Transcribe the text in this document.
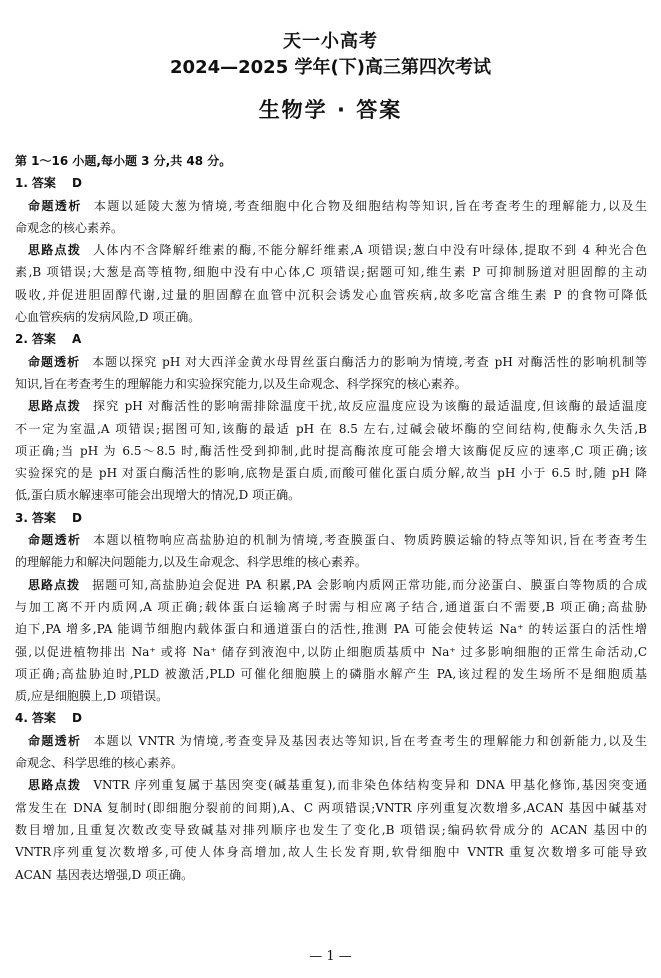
天一小高考
2024—2025 学年(下)高三第四次考试
生物学 · 答案
第 1～16 小题,每小题 3 分,共 48 分。
1. 答案 D
命题透析 本题以延陵大葱为情境,考查细胞中化合物及细胞结构等知识,旨在考查考生的理解能力,以及生
命观念的核心素养。
思路点拨 人体内不含降解纤维素的酶,不能分解纤维素,A 项错误;葱白中没有叶绿体,提取不到 4 种光合色
素,B 项错误;大葱是高等植物,细胞中没有中心体,C 项错误;据题可知,维生素 P 可抑制肠道对胆固醇的主动
吸收,并促进胆固醇代谢,过量的胆固醇在血管中沉积会诱发心血管疾病,故多吃富含维生素 P 的食物可降低
心血管疾病的发病风险,D 项正确。
2. 答案 A
命题透析 本题以探究 pH 对大西洋金黄水母胃丝蛋白酶活力的影响为情境,考查 pH 对酶活性的影响机制等
知识,旨在考查考生的理解能力和实验探究能力,以及生命观念、科学探究的核心素养。
思路点拨 探究 pH 对酶活性的影响需排除温度干扰,故反应温度应设为该酶的最适温度,但该酶的最适温度
不一定为室温,A 项错误;据图可知,该酶的最适 pH 在 8.5 左右,过碱会破坏酶的空间结构,使酶永久失活,B
项正确;当 pH 为 6.5～8.5 时,酶活性受到抑制,此时提高酶浓度可能会增大该酶促反应的速率,C 项正确;该
实验探究的是 pH 对蛋白酶活性的影响,底物是蛋白质,而酸可催化蛋白质分解,故当 pH 小于 6.5 时,随 pH 降
低,蛋白质水解速率可能会出现增大的情况,D 项正确。
3. 答案 D
命题透析 本题以植物响应高盐胁迫的机制为情境,考查膜蛋白、物质跨膜运输的特点等知识,旨在考查考生
的理解能力和解决问题能力,以及生命观念、科学思维的核心素养。
思路点拨 据题可知,高盐胁迫会促进 PA 积累,PA 会影响内质网正常功能,而分泌蛋白、膜蛋白等物质的合成
与加工离不开内质网,A 项正确;载体蛋白运输离子时需与相应离子结合,通道蛋白不需要,B 项正确;高盐胁
迫下,PA 增多,PA 能调节细胞内载体蛋白和通道蛋白的活性,推测 PA 可能会使转运 Na⁺ 的转运蛋白的活性增
强,以促进植物排出 Na⁺ 或将 Na⁺ 储存到液泡中,以防止细胞质基质中 Na⁺ 过多影响细胞的正常生命活动,C
项正确;高盐胁迫时,PLD 被激活,PLD 可催化细胞膜上的磷脂水解产生 PA,该过程的发生场所不是细胞质基
质,应是细胞膜上,D 项错误。
4. 答案 D
命题透析 本题以 VNTR 为情境,考查变异及基因表达等知识,旨在考查考生的理解能力和创新能力,以及生
命观念、科学思维的核心素养。
思路点拨 VNTR 序列重复属于基因突变(碱基重复),而非染色体结构变异和 DNA 甲基化修饰,基因突变通
常发生在 DNA 复制时(即细胞分裂前的间期),A、C 两项错误;VNTR 序列重复次数增多,ACAN 基因中碱基对
数目增加,且重复次数改变导致碱基对排列顺序也发生了变化,B 项错误;编码软骨成分的 ACAN 基因中的
VNTR序列重复次数增多,可使人体身高增加,故人生长发育期,软骨细胞中 VNTR 重复次数增多可能导致
ACAN 基因表达增强,D 项正确。
— 1 —
